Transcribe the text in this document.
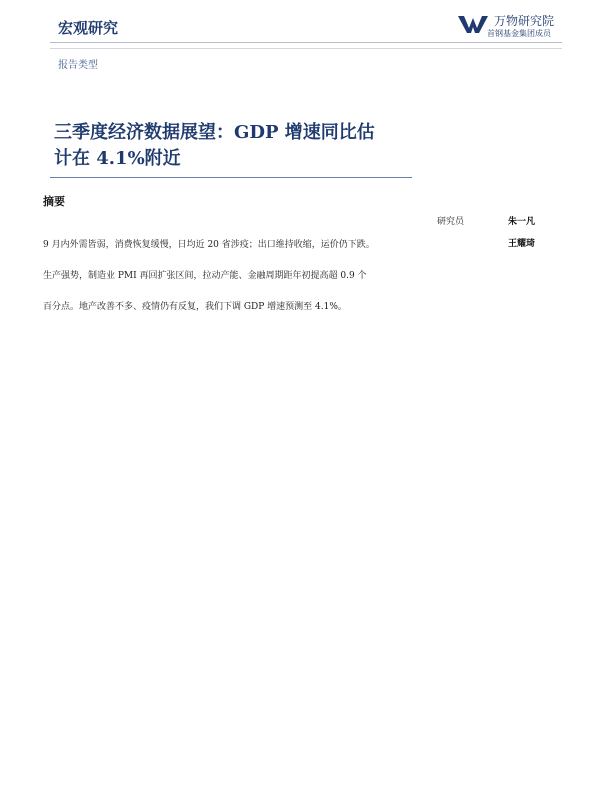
宏观研究	万物研究院
首钢基金集团成员
报告类型
三季度经济数据展望：GDP 增速同比估
计在 4.1%附近
摘要
9 月内外需皆弱，消费恢复缓慢，日均近 20 省涉疫；出口维持收缩，运价仍下跌。
生产强势，制造业 PMI 再回扩张区间，拉动产能、金融周期距年初提高超 0.9 个
百分点。地产改善不多、疫情仍有反复，我们下调 GDP 增速预测至 4.1%。
研究员	朱一凡
王耀琦
